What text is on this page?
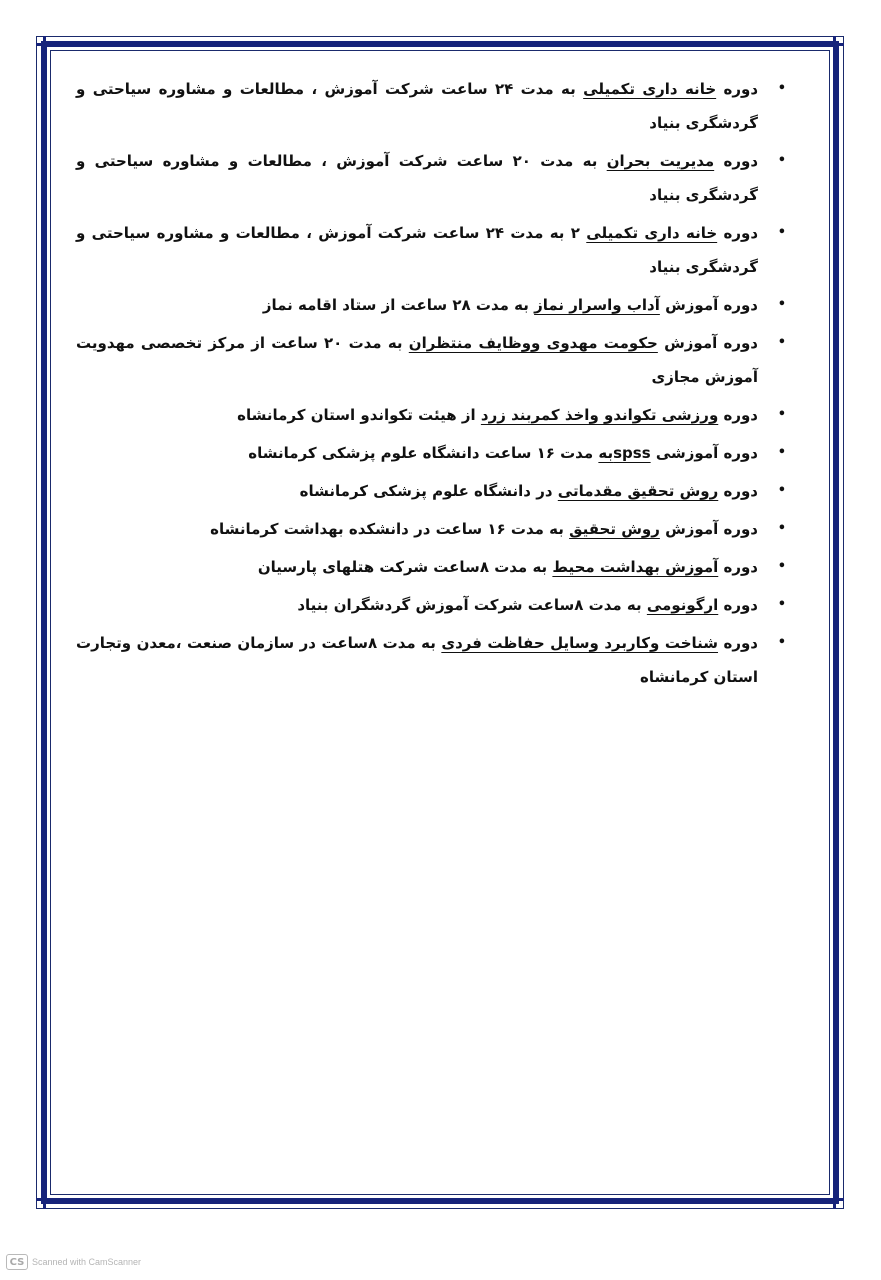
•
دوره خانه داری تکمیلی به مدت ۲۴ ساعت شرکت آموزش ، مطالعات و مشاوره سیاحتی و گردشگری بنیاد
•
دوره مدیریت بحران به مدت ۲۰ ساعت شرکت آموزش ، مطالعات و مشاوره سیاحتی و گردشگری بنیاد
•
دوره خانه داری تکمیلی ۲ به مدت ۲۴ ساعت شرکت آموزش ، مطالعات و مشاوره سیاحتی و گردشگری بنیاد
•
دوره آموزش آداب واسرار نماز به مدت ۲۸ ساعت از ستاد اقامه نماز
•
دوره آموزش حکومت مهدوی ووظایف منتظران به مدت ۲۰ ساعت از مرکز تخصصی مهدویت آموزش مجازی
•
دوره ورزشی تکواندو واخذ کمربند زرد از هیئت تکواندو استان کرمانشاه
•
دوره آموزشی spssبه مدت ۱۶ ساعت دانشگاه علوم پزشکی کرمانشاه
•
دوره روش تحقیق مقدماتی در دانشگاه علوم پزشکی کرمانشاه
•
دوره آموزش روش تحقیق به مدت ۱۶ ساعت در دانشکده بهداشت کرمانشاه
•
دوره آموزش بهداشت محیط به مدت ۸ساعت شرکت هتلهای پارسیان
•
دوره ارگونومی به مدت ۸ساعت شرکت آموزش گردشگران بنیاد
•
دوره شناخت وکاربرد وسایل حفاظت فردی به مدت ۸ساعت در سازمان صنعت ،معدن وتجارت استان کرمانشاه
CS Scanned with CamScanner
